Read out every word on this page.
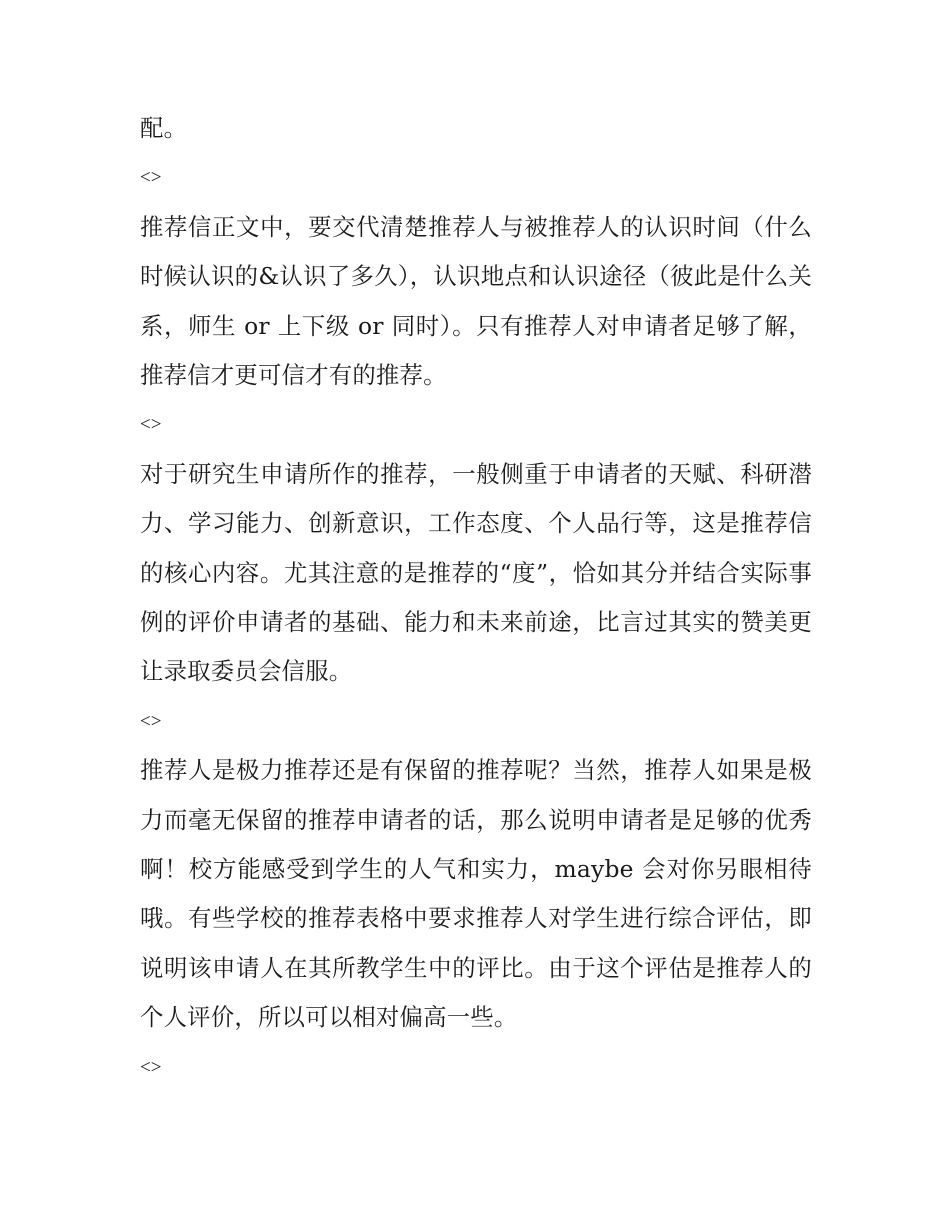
配。

<>

推荐信正文中，要交代清楚推荐人与被推荐人的认识时间（什么时候认识的&认识了多久），认识地点和认识途径（彼此是什么关系，师生 or 上下级 or 同时）。只有推荐人对申请者足够了解，推荐信才更可信才有的推荐。

<>

对于研究生申请所作的推荐，一般侧重于申请者的天赋、科研潜力、学习能力、创新意识，工作态度、个人品行等，这是推荐信的核心内容。尤其注意的是推荐的“度”，恰如其分并结合实际事例的评价申请者的基础、能力和未来前途，比言过其实的赞美更让录取委员会信服。

<>

推荐人是极力推荐还是有保留的推荐呢？当然，推荐人如果是极力而毫无保留的推荐申请者的话，那么说明申请者是足够的优秀啊！校方能感受到学生的人气和实力，maybe 会对你另眼相待哦。有些学校的推荐表格中要求推荐人对学生进行综合评估，即说明该申请人在其所教学生中的评比。由于这个评估是推荐人的个人评价，所以可以相对偏高一些。

<>
